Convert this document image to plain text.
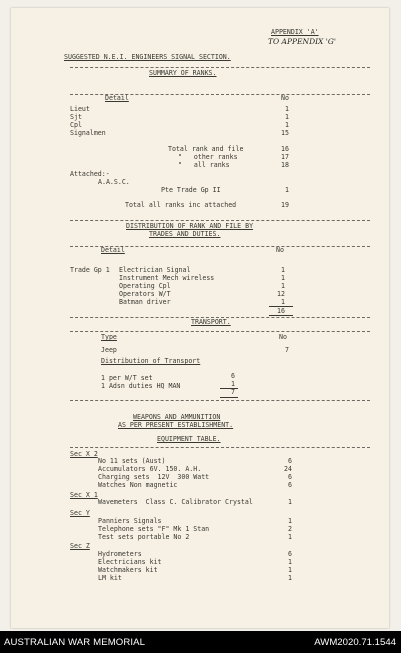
APPENDIX 'A'
TO APPENDIX 'G'
SUGGESTED N.E.I. ENGINEERS SIGNAL SECTION.
SUMMARY OF RANKS.
Detail	No
Lieut	1
Sjt	1
Cpl	1
Signalmen	15
Total rank and file	16
"   other ranks	17
"   all ranks	18
Attached:-
A.A.S.C.
Pte Trade Gp II	1
Total all ranks inc attached	19
DISTRIBUTION OF RANK AND FILE BY
TRADES AND DUTIES.
Detail	No
Trade Gp 1 Electrician Signal	1
Instrument Mech wireless	1
Operating Cpl	1
Operators W/T	12
Batman driver	1
16
TRANSPORT.
Type	No
Jeep	7
Distribution of Transport
1 per W/T set	6
1 Adsn duties HQ MAN	1
7
WEAPONS AND AMMUNITION
AS PER PRESENT ESTABLISHMENT.
EQUIPMENT TABLE.
Sec X 2
No 11 sets (Aust)	6
Accumulators 6V. 150. A.H.	24
Charging sets  12V  300 Watt	6
Watches Non magnetic	6
Sec X 1
Wavemeters  Class C. Calibrator Crystal	1
Sec Y
Panniers Signals	1
Telephone sets "F" Mk 1 Stan	2
Test sets portable No 2	1
Sec Z
Hydrometers	6
Electricians kit	1
Watchmakers kit	1
LM kit	1
AUSTRALIAN WAR MEMORIAL	AWM2020.71.1544
